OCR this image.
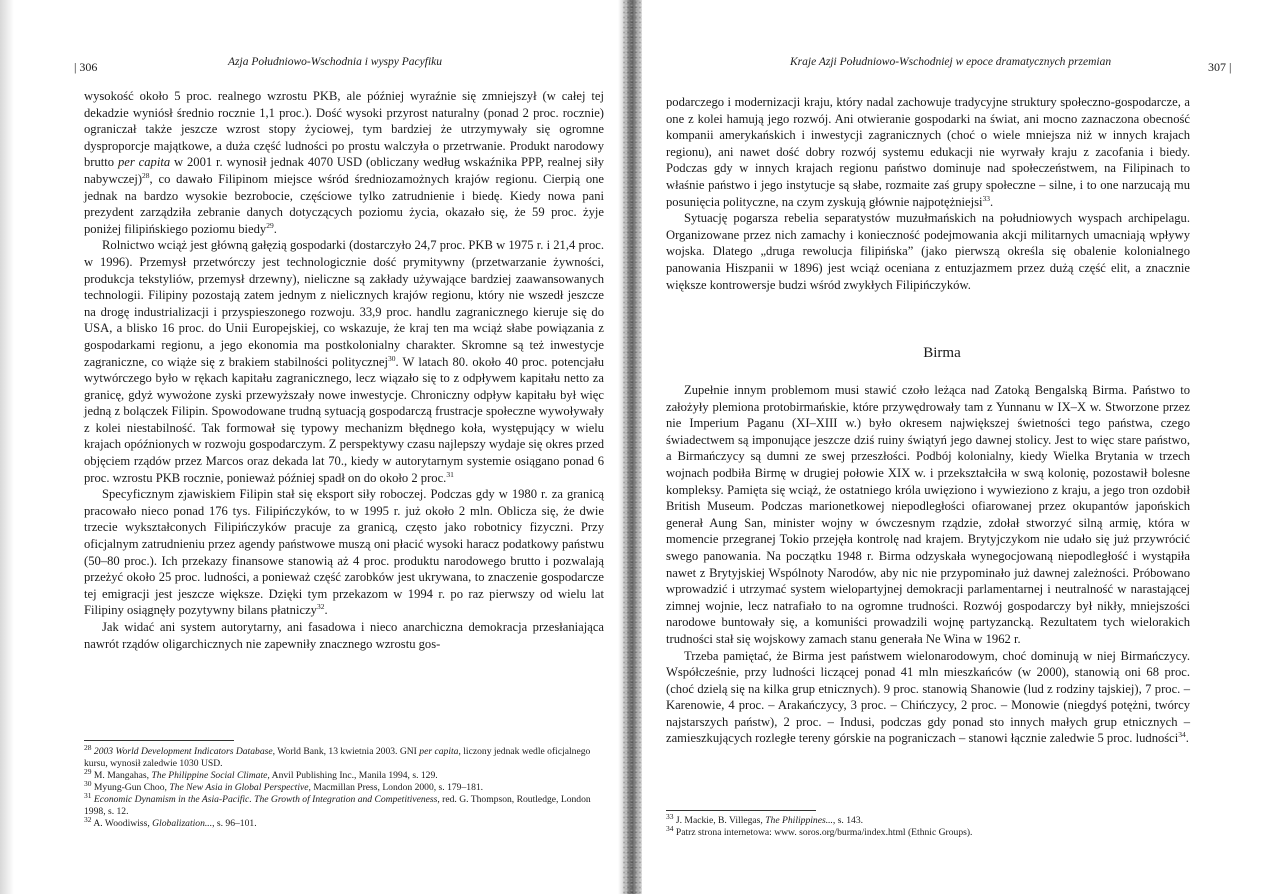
| 306	Azja Południowo-Wschodnia i wyspy Pacyfiku

wysokość około 5 proc. realnego wzrostu PKB, ale później wyraźnie się zmniejszył (w całej tej dekadzie wyniósł średnio rocznie 1,1 proc.). Dość wysoki przyrost naturalny (ponad 2 proc. rocznie) ograniczał także jeszcze wzrost stopy życiowej, tym bardziej że utrzymywały się ogromne dysproporcje majątkowe, a duża część ludności po prostu walczyła o przetrwanie. Produkt narodowy brutto per capita w 2001 r. wynosił jednak 4070 USD (obliczany według wskaźnika PPP, realnej siły nabywczej)$^{28}$, co dawało Filipinom miejsce wśród średniozamożnych krajów regionu. Cierpią one jednak na bardzo wysokie bezrobocie, częściowe tylko zatrudnienie i biedę. Kiedy nowa pani prezydent zarządziła zebranie danych dotyczących poziomu życia, okazało się, że 59 proc. żyje poniżej filipińskiego poziomu biedy$^{29}$.

Rolnictwo wciąż jest główną gałęzią gospodarki (dostarczyło 24,7 proc. PKB w 1975 r. i 21,4 proc. w 1996). Przemysł przetwórczy jest technologicznie dość prymitywny (przetwarzanie żywności, produkcja tekstyliów, przemysł drzewny), nieliczne są zakłady używające bardziej zaawansowanych technologii. Filipiny pozostają zatem jednym z nielicznych krajów regionu, który nie wszedł jeszcze na drogę industrializacji i przyspieszonego rozwoju. 33,9 proc. handlu zagranicznego kieruje się do USA, a blisko 16 proc. do Unii Europejskiej, co wskazuje, że kraj ten ma wciąż słabe powiązania z gospodarkami regionu, a jego ekonomia ma postkolonialny charakter. Skromne są też inwestycje zagraniczne, co wiąże się z brakiem stabilności politycznej$^{30}$. W latach 80. około 40 proc. potencjału wytwórczego było w rękach kapitału zagranicznego, lecz wiązało się to z odpływem kapitału netto za granicę, gdyż wywożone zyski przewyższały nowe inwestycje. Chroniczny odpływ kapitału był więc jedną z bolączek Filipin. Spowodowane trudną sytuacją gospodarczą frustracje społeczne wywoływały z kolei niestabilność. Tak formował się typowy mechanizm błędnego koła, występujący w wielu krajach opóźnionych w rozwoju gospodarczym. Z perspektywy czasu najlepszy wydaje się okres przed objęciem rządów przez Marcos oraz dekada lat 70., kiedy w autorytarnym systemie osiągano ponad 6 proc. wzrostu PKB rocznie, ponieważ później spadł on do około 2 proc.$^{31}$

Specyficznym zjawiskiem Filipin stał się eksport siły roboczej. Podczas gdy w 1980 r. za granicą pracowało nieco ponad 176 tys. Filipińczyków, to w 1995 r. już około 2 mln. Oblicza się, że dwie trzecie wykształconych Filipińczyków pracuje za granicą, często jako robotnicy fizyczni. Przy oficjalnym zatrudnieniu przez agendy państwowe muszą oni płacić wysoki haracz podatkowy państwu (50–80 proc.). Ich przekazy finansowe stanowią aż 4 proc. produktu narodowego brutto i pozwalają przeżyć około 25 proc. ludności, a ponieważ część zarobków jest ukrywana, to znaczenie gospodarcze tej emigracji jest jeszcze większe. Dzięki tym przekazom w 1994 r. po raz pierwszy od wielu lat Filipiny osiągnęły pozytywny bilans płatniczy$^{32}$.

Jak widać ani system autorytarny, ani fasadowa i nieco anarchiczna demokracja przesłaniająca nawrót rządów oligarchicznych nie zapewniły znacznego wzrostu gos-

$^{28}$ 2003 World Development Indicators Database, World Bank, 13 kwietnia 2003. GNI per capita, liczony jednak wedle oficjalnego kursu, wynosił zaledwie 1030 USD.
$^{29}$ M. Mangahas, The Philippine Social Climate, Anvil Publishing Inc., Manila 1994, s. 129.
$^{30}$ Myung-Gun Choo, The New Asia in Global Perspective, Macmillan Press, London 2000, s. 179–181.
$^{31}$ Economic Dynamism in the Asia-Pacific. The Growth of Integration and Competitiveness, red. G. Thompson, Routledge, London 1998, s. 12.
$^{32}$ A. Woodiwiss, Globalization..., s. 96–101.
Kraje Azji Południowo-Wschodniej w epoce dramatycznych przemian	307 |

podarczego i modernizacji kraju, który nadal zachowuje tradycyjne struktury społeczno-gospodarcze, a one z kolei hamują jego rozwój. Ani otwieranie gospodarki na świat, ani mocno zaznaczona obecność kompanii amerykańskich i inwestycji zagranicznych (choć o wiele mniejsza niż w innych krajach regionu), ani nawet dość dobry rozwój systemu edukacji nie wyrwały kraju z zacofania i biedy. Podczas gdy w innych krajach regionu państwo dominuje nad społeczeństwem, na Filipinach to właśnie państwo i jego instytucje są słabe, rozmaite zaś grupy społeczne – silne, i to one narzucają mu posunięcia polityczne, na czym zyskują głównie najpotężniejsi$^{33}$.

Sytuację pogarsza rebelia separatystów muzułmańskich na południowych wyspach archipelagu. Organizowane przez nich zamachy i konieczność podejmowania akcji militarnych umacniają wpływy wojska. Dlatego „druga rewolucja filipińska” (jako pierwszą określa się obalenie kolonialnego panowania Hiszpanii w 1896) jest wciąż oceniana z entuzjazmem przez dużą część elit, a znacznie większe kontrowersje budzi wśród zwykłych Filipińczyków.

Birma

Zupełnie innym problemom musi stawić czoło leżąca nad Zatoką Bengalską Birma. Państwo to założyły plemiona protobirmańskie, które przywędrowały tam z Yunnanu w IX–X w. Stworzone przez nie Imperium Paganu (XI–XIII w.) było okresem największej świetności tego państwa, czego świadectwem są imponujące jeszcze dziś ruiny świątyń jego dawnej stolicy. Jest to więc stare państwo, a Birmańczycy są dumni ze swej przeszłości. Podbój kolonialny, kiedy Wielka Brytania w trzech wojnach podbiła Birmę w drugiej połowie XIX w. i przekształciła w swą kolonię, pozostawił bolesne kompleksy. Pamięta się wciąż, że ostatniego króla uwięziono i wywieziono z kraju, a jego tron ozdobił British Museum. Podczas marionetkowej niepodległości ofiarowanej przez okupantów japońskich generał Aung San, minister wojny w ówczesnym rządzie, zdołał stworzyć silną armię, która w momencie przegranej Tokio przejęła kontrolę nad krajem. Brytyjczykom nie udało się już przywrócić swego panowania. Na początku 1948 r. Birma odzyskała wynegocjowaną niepodległość i wystąpiła nawet z Brytyjskiej Wspólnoty Narodów, aby nic nie przypominało już dawnej zależności. Próbowano wprowadzić i utrzymać system wielopartyjnej demokracji parlamentarnej i neutralność w narastającej zimnej wojnie, lecz natrafiało to na ogromne trudności. Rozwój gospodarczy był nikły, mniejszości narodowe buntowały się, a komuniści prowadzili wojnę partyzancką. Rezultatem tych wielorakich trudności stał się wojskowy zamach stanu generała Ne Wina w 1962 r.

Trzeba pamiętać, że Birma jest państwem wielonarodowym, choć dominują w niej Birmańczycy. Współcześnie, przy ludności liczącej ponad 41 mln mieszkańców (w 2000), stanowią oni 68 proc. (choć dzielą się na kilka grup etnicznych). 9 proc. stanowią Shanowie (lud z rodziny tajskiej), 7 proc. – Karenowie, 4 proc. – Arakańczycy, 3 proc. – Chińczycy, 2 proc. – Monowie (niegdyś potężni, twórcy najstarszych państw), 2 proc. – Indusi, podczas gdy ponad sto innych małych grup etnicznych – zamieszkujących rozległe tereny górskie na pograniczach – stanowi łącznie zaledwie 5 proc. ludności$^{34}$.

$^{33}$ J. Mackie, B. Villegas, The Philippines..., s. 143.
$^{34}$ Patrz strona internetowa: www. soros.org/burma/index.html (Ethnic Groups).
